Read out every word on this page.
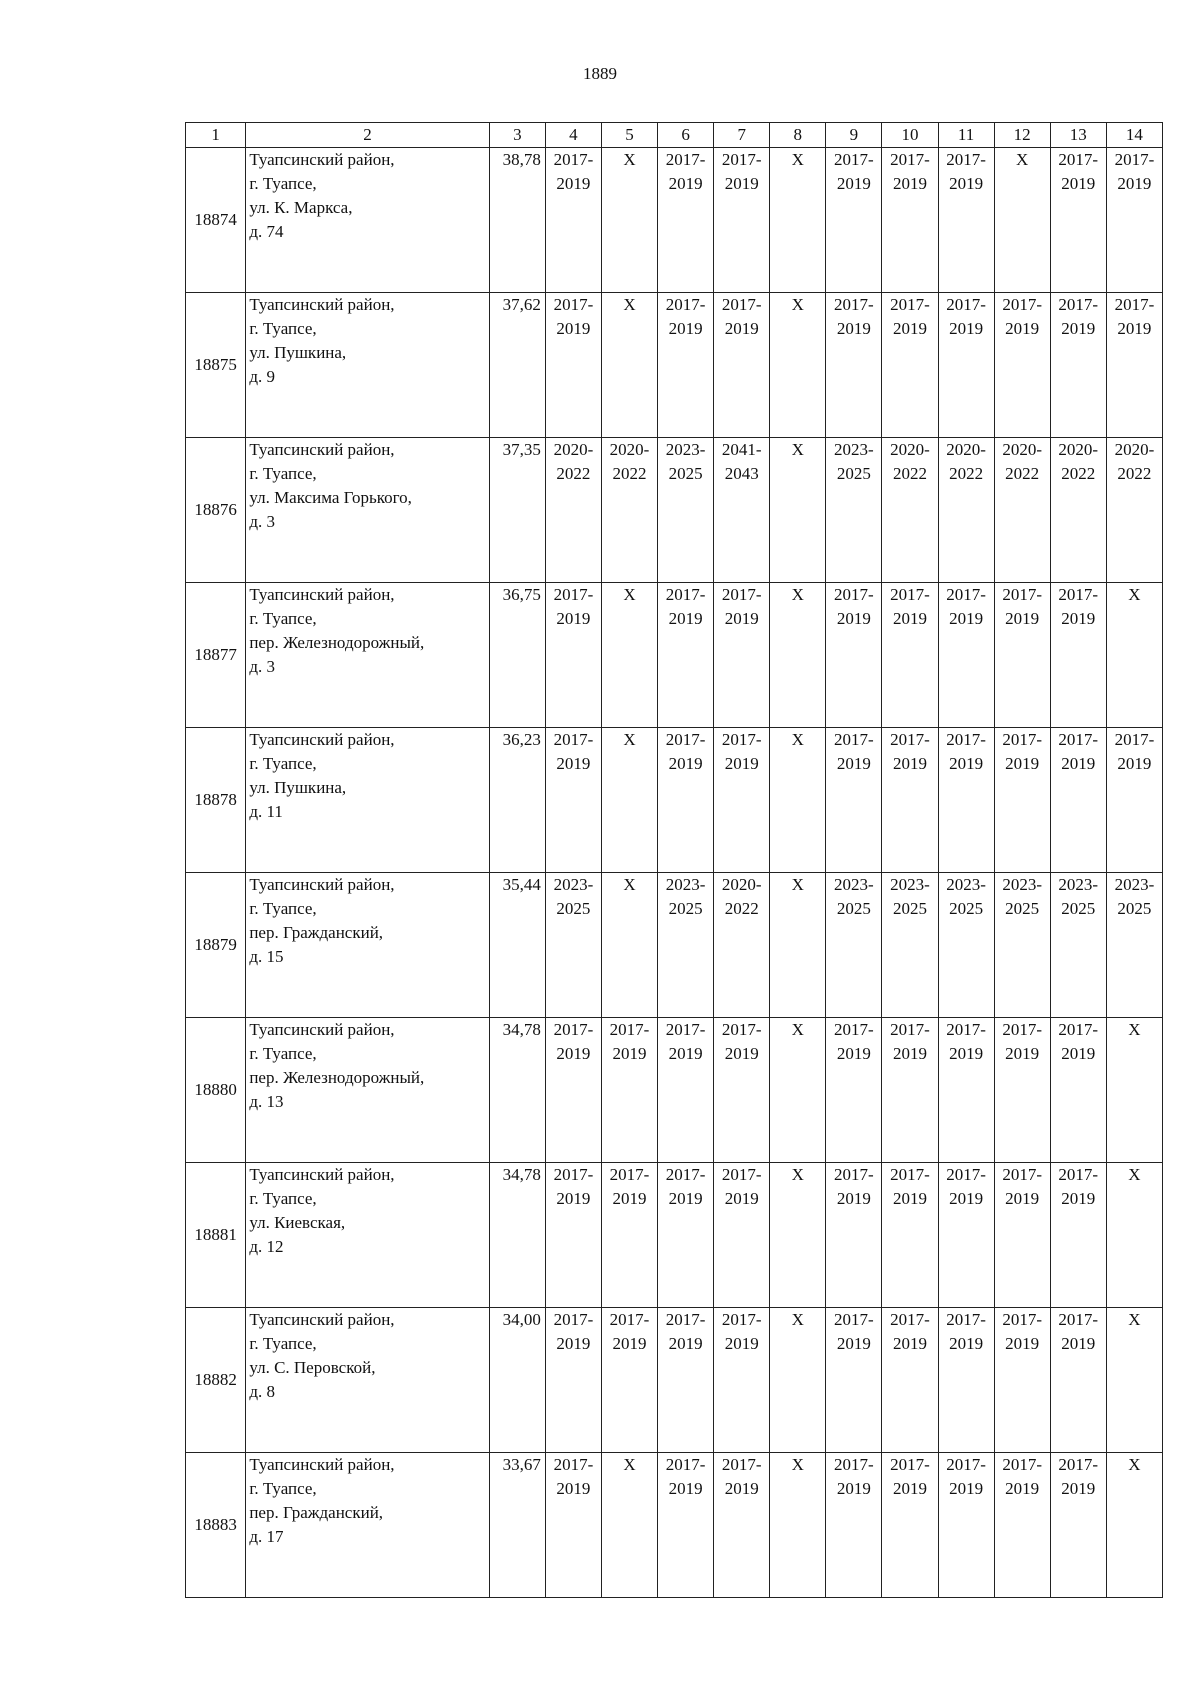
1889
1	2	3	4	5	6	7	8	9	10	11	12	13	14
18874	Туапсинский район,
г. Туапсе,
ул. К. Маркса,
д. 74	38,78	2017-
2019	X	2017-
2019	2017-
2019	X	2017-
2019	2017-
2019	2017-
2019	X	2017-
2019	2017-
2019

18875	Туапсинский район,
г. Туапсе,
ул. Пушкина,
д. 9	37,62	2017-
2019	X	2017-
2019	2017-
2019	X	2017-
2019	2017-
2019	2017-
2019	2017-
2019	2017-
2019	2017-
2019

18876	Туапсинский район,
г. Туапсе,
ул. Максима Горького,
д. 3	37,35	2020-
2022	2020-
2022	2023-
2025	2041-
2043	X	2023-
2025	2020-
2022	2020-
2022	2020-
2022	2020-
2022	2020-
2022

18877	Туапсинский район,
г. Туапсе,
пер. Железнодорожный,
д. 3	36,75	2017-
2019	X	2017-
2019	2017-
2019	X	2017-
2019	2017-
2019	2017-
2019	2017-
2019	2017-
2019	X
18878	Туапсинский район,
г. Туапсе,
ул. Пушкина,
д. 11	36,23	2017-
2019	X	2017-
2019	2017-
2019	X	2017-
2019	2017-
2019	2017-
2019	2017-
2019	2017-
2019	2017-
2019

18879	Туапсинский район,
г. Туапсе,
пер. Гражданский,
д. 15	35,44	2023-
2025	X	2023-
2025	2020-
2022	X	2023-
2025	2023-
2025	2023-
2025	2023-
2025	2023-
2025	2023-
2025

18880	Туапсинский район,
г. Туапсе,
пер. Железнодорожный,
д. 13	34,78	2017-
2019	2017-
2019	2017-
2019	2017-
2019	X	2017-
2019	2017-
2019	2017-
2019	2017-
2019	2017-
2019	X
18881	Туапсинский район,
г. Туапсе,
ул. Киевская,
д. 12	34,78	2017-
2019	2017-
2019	2017-
2019	2017-
2019	X	2017-
2019	2017-
2019	2017-
2019	2017-
2019	2017-
2019	X
18882	Туапсинский район,
г. Туапсе,
ул. С. Перовской,
д. 8	34,00	2017-
2019	2017-
2019	2017-
2019	2017-
2019	X	2017-
2019	2017-
2019	2017-
2019	2017-
2019	2017-
2019	X
18883	Туапсинский район,
г. Туапсе,
пер. Гражданский,
д. 17	33,67	2017-
2019	X	2017-
2019	2017-
2019	X	2017-
2019	2017-
2019	2017-
2019	2017-
2019	2017-
2019	X
